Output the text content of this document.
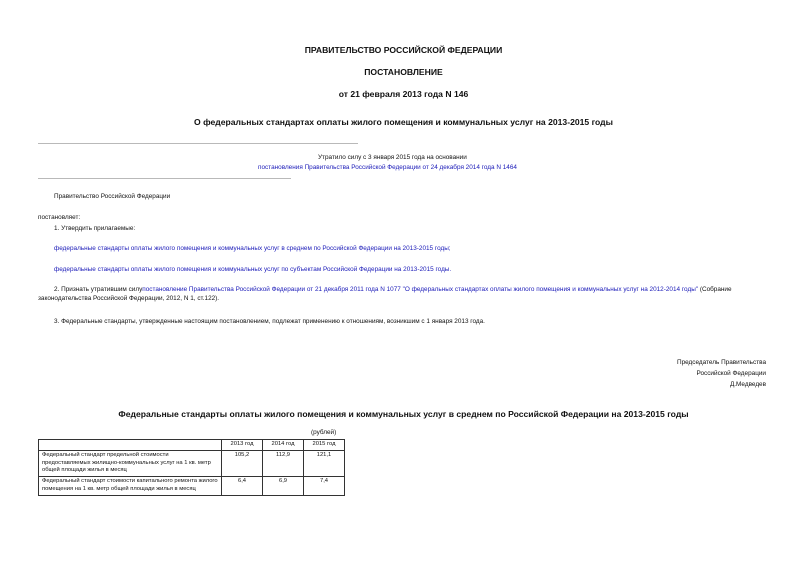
ПРАВИТЕЛЬСТВО РОССИЙСКОЙ ФЕДЕРАЦИИ
ПОСТАНОВЛЕНИЕ
от 21 февраля 2013 года N 146
О федеральных стандартах оплаты жилого помещения и коммунальных услуг на 2013-2015 годы
Утратило силу с 3 января 2015 года на основании
постановления Правительства Российской Федерации от 24 декабря 2014 года N 1464
Правительство Российской Федерации
постановляет:
1. Утвердить прилагаемые:
федеральные стандарты оплаты жилого помещения и коммунальных услуг в среднем по Российской Федерации на 2013-2015 годы;
федеральные стандарты оплаты жилого помещения и коммунальных услуг по субъектам Российской Федерации на 2013-2015 годы.
2. Признать утратившим силупостановление Правительства Российской Федерации от 21 декабря 2011 года N 1077 "О федеральных стандартах оплаты жилого помещения и коммунальных услуг на 2012-2014 годы" (Собрание законодательства Российской Федерации, 2012, N 1, ст.122).
3. Федеральные стандарты, утвержденные настоящим постановлением, подлежат применению к отношениям, возникшим с 1 января 2013 года.
Председатель Правительства
Российской Федерации
Д.Медведев
Федеральные стандарты оплаты жилого помещения и коммунальных услуг в среднем по Российской Федерации на 2013-2015 годы
(рублей)
	2013 год	2014 год	2015 год
Федеральный стандарт предельной стоимости предоставляемых жилищно-коммунальных услуг на 1 кв. метр общей площади жилья в месяц	105,2	112,9	121,1
Федеральный стандарт стоимости капитального ремонта жилого помещения на 1 кв. метр общей площади жилья в месяц	6,4	6,9	7,4
